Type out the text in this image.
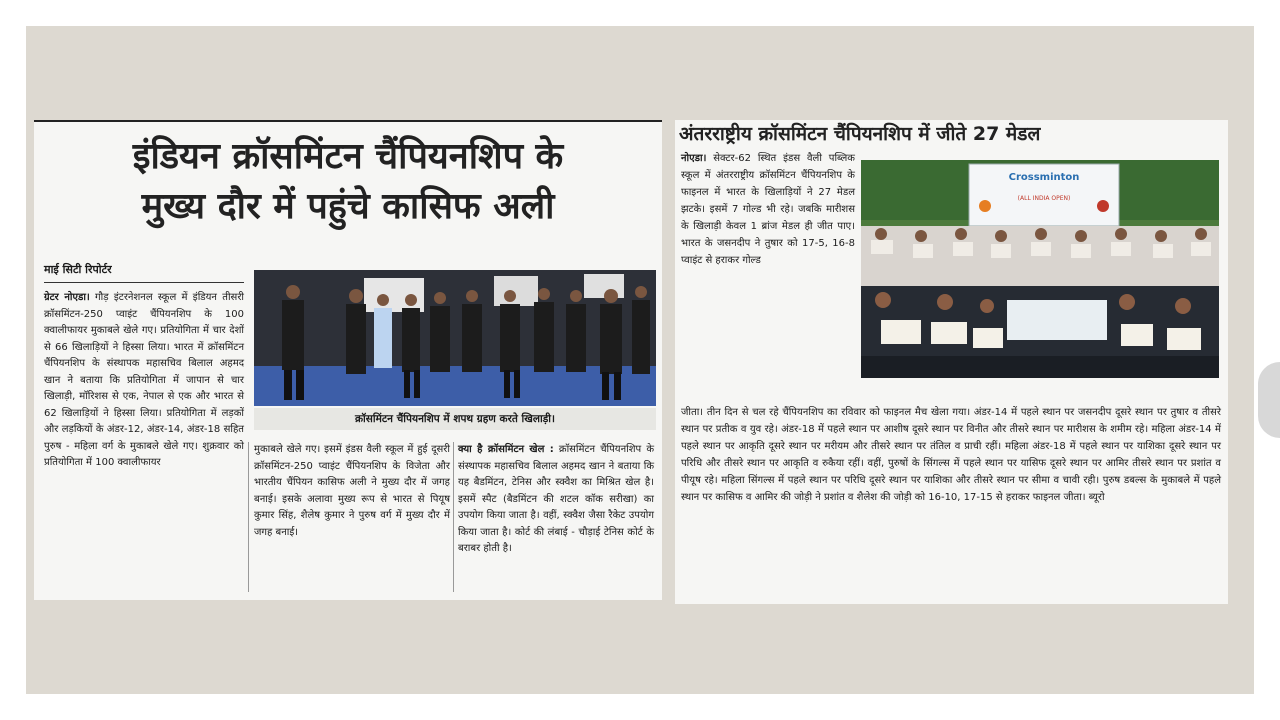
इंडियन क्रॉसमिंटन चैंपियनशिप के
मुख्य दौर में पहुंचे कासिफ अली
माई सिटी रिपोर्टर
ग्रेटर नोएडा। गौड़ इंटरनेशनल स्कूल में इंडियन तीसरी क्रॉसमिंटन-250 प्वाइंट चैंपियनशिप के 100 क्वालीफायर मुकाबले खेले गए। प्रतियोगिता में चार देशों से 66 खिलाड़ियों ने हिस्सा लिया। भारत में क्रॉसमिंटन चैंपियनशिप के संस्थापक महासचिव बिलाल अहमद खान ने बताया कि प्रतियोगिता में जापान से चार खिलाड़ी, मॉरिशस से एक, नेपाल से एक और भारत से 62 खिलाड़ियों ने हिस्सा लिया। प्रतियोगिता में लड़कों और लड़कियों के अंडर-12, अंडर-14, अंडर-18 सहित पुरुष - महिला वर्ग के मुकाबले खेले गए। शुक्रवार को प्रतियोगिता में 100 क्वालीफायर
क्रॉसमिंटन चैंपियनशिप में शपथ ग्रहण करते खिलाड़ी।
मुकाबले खेले गए। इसमें इंडस वैली स्कूल में हुई दूसरी क्रॉसमिंटन-250 प्वाइंट चैंपियनशिप के विजेता और भारतीय चैंपियन कासिफ अली ने मुख्य दौर में जगह बनाई। इसके अलावा मुख्य रूप से भारत से पियूष कुमार सिंह, शैलेष कुमार ने पुरुष वर्ग में मुख्य दौर में जगह बनाई।
क्या है क्रॉसमिंटन खेल : क्रॉसमिंटन चैंपियनशिप के संस्थापक महासचिव बिलाल अहमद खान ने बताया कि यह बैडमिंटन, टेनिस और स्क्वैश का मिश्रित खेल है। इसमें स्पैट (बैडमिंटन की शटल कॉक सरीखा) का उपयोग किया जाता है। वहीं, स्क्वैश जैसा रैकेट उपयोग किया जाता है। कोर्ट की लंबाई - चौड़ाई टेनिस कोर्ट के बराबर होती है।
अंतरराष्ट्रीय क्रॉसमिंटन चैंपियनशिप में जीते 27 मेडल
नोएडा। सेक्टर-62 स्थित इंडस वैली पब्लिक स्कूल में अंतरराष्ट्रीय क्रॉसमिंटन चैंपियनशिप के फाइनल में भारत के खिलाड़ियों ने 27 मेडल झटके। इसमें 7 गोल्ड भी रहे। जबकि मारीशस के खिलाड़ी केवल 1 ब्रांज मेडल ही जीत पाए। भारत के जसनदीप ने तुषार को 17-5, 16-8 प्वाइंट से हराकर गोल्ड
Crossminton
(ALL INDIA OPEN)
जीता। तीन दिन से चल रहे चैंपियनशिप का रविवार को फाइनल मैच खेला गया। अंडर-14 में पहले स्थान पर जसनदीप दूसरे स्थान पर तुषार व तीसरे स्थान पर प्रतीक व युव रहे। अंडर-18 में पहले स्थान पर आशीष दूसरे स्थान पर विनीत और तीसरे स्थान पर मारीशस के शमीम रहे। महिला अंडर-14 में पहले स्थान पर आकृति दूसरे स्थान पर मरीयम और तीसरे स्थान पर तंतिल व प्राची रहीं। महिला अंडर-18 में पहले स्थान पर याशिका दूसरे स्थान पर परिधि और तीसरे स्थान पर आकृति व रुकैया रहीं। वहीं, पुरुषों के सिंगल्स में पहले स्थान पर यासिफ दूसरे स्थान पर आमिर तीसरे स्थान पर प्रशांत व पीयूष रहे। महिला सिंगल्स में पहले स्थान पर परिधि दूसरे स्थान पर याशिका और तीसरे स्थान पर सीमा व चावी रही। पुरुष डबल्स के मुकाबले में पहले स्थान पर कासिफ व आमिर की जोड़ी ने प्रशांत व शैलेश की जोड़ी को 16-10, 17-15 से हराकर फाइनल जीता। ब्यूरो
